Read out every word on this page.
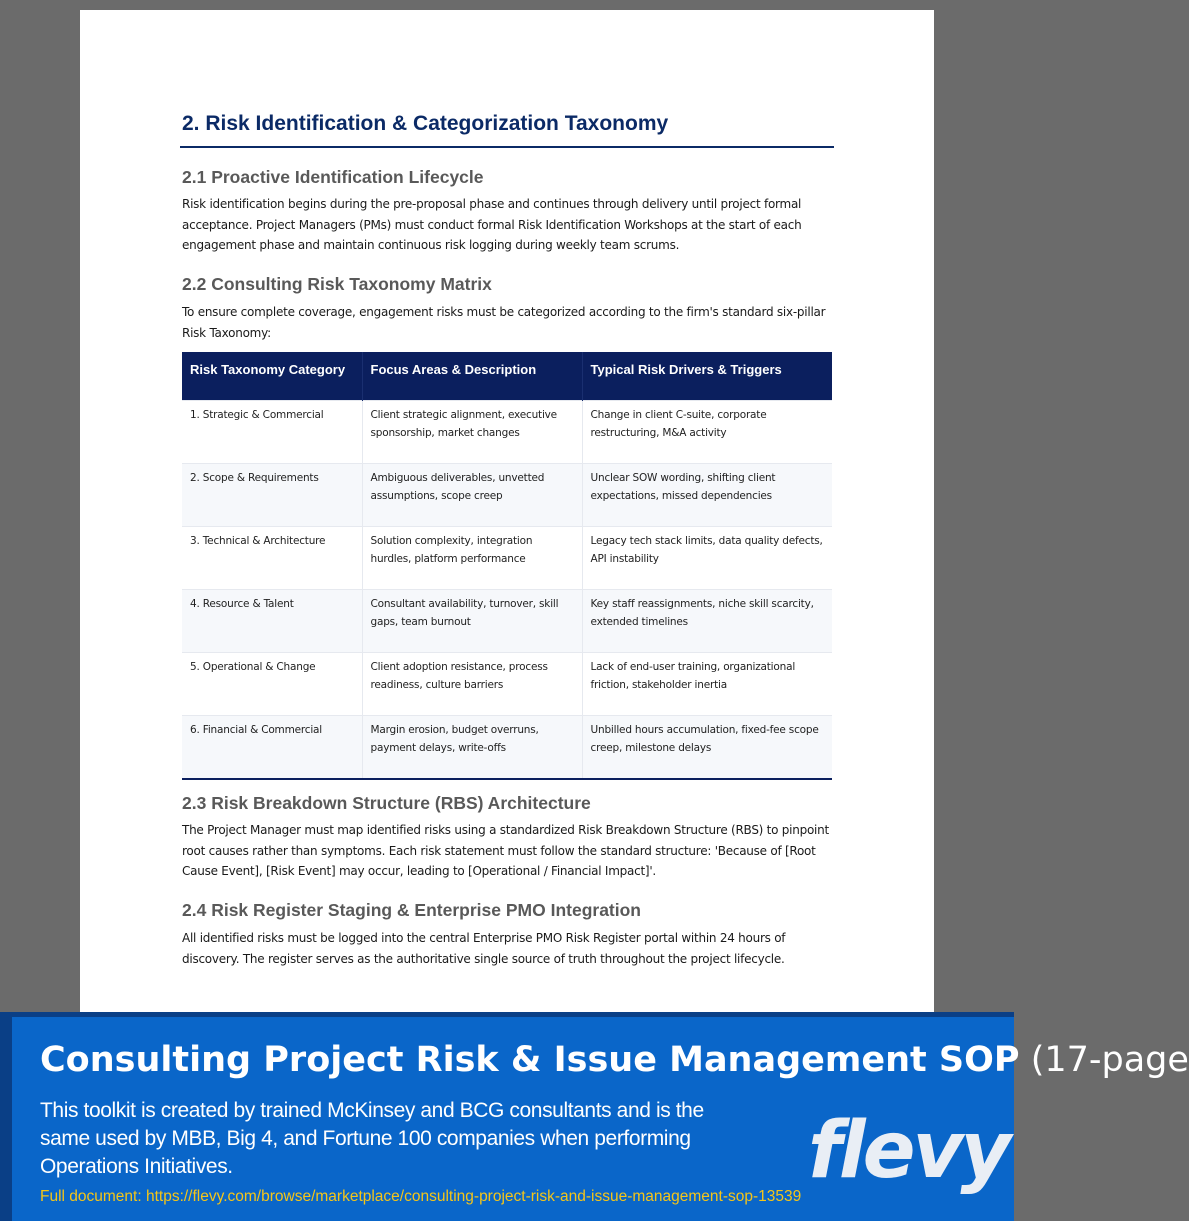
2. Risk Identification & Categorization Taxonomy
2.1 Proactive Identification Lifecycle

Risk identification begins during the pre-proposal phase and continues through delivery until project formal acceptance. Project Managers (PMs) must conduct formal Risk Identification Workshops at the start of each engagement phase and maintain continuous risk logging during weekly team scrums.

2.2 Consulting Risk Taxonomy Matrix

To ensure complete coverage, engagement risks must be categorized according to the firm's standard six-pillar Risk Taxonomy:

Risk Taxonomy Category	Focus Areas & Description	Typical Risk Drivers & Triggers
1. Strategic & Commercial	Client strategic alignment, executive sponsorship, market changes	Change in client C-suite, corporate restructuring, M&A activity
2. Scope & Requirements	Ambiguous deliverables, unvetted assumptions, scope creep	Unclear SOW wording, shifting client expectations, missed dependencies
3. Technical & Architecture	Solution complexity, integration hurdles, platform performance	Legacy tech stack limits, data quality defects, API instability
4. Resource & Talent	Consultant availability, turnover, skill gaps, team burnout	Key staff reassignments, niche skill scarcity, extended timelines
5. Operational & Change	Client adoption resistance, process readiness, culture barriers	Lack of end-user training, organizational friction, stakeholder inertia
6. Financial & Commercial	Margin erosion, budget overruns, payment delays, write-offs	Unbilled hours accumulation, fixed-fee scope creep, milestone delays
2.3 Risk Breakdown Structure (RBS) Architecture

The Project Manager must map identified risks using a standardized Risk Breakdown Structure (RBS) to pinpoint root causes rather than symptoms. Each risk statement must follow the standard structure: 'Because of [Root Cause Event], [Risk Event] may occur, leading to [Operational / Financial Impact]'.

2.4 Risk Register Staging & Enterprise PMO Integration

All identified risks must be logged into the central Enterprise PMO Risk Register portal within 24 hours of discovery. The register serves as the authoritative single source of truth throughout the project lifecycle.

Consulting Project Risk & Issue Management SOP (17-page

This toolkit is created by trained McKinsey and BCG consultants and is the same used by MBB, Big 4, and Fortune 100 companies when performing Operations Initiatives.

Full document: https://flevy.com/browse/marketplace/consulting-project-risk-and-issue-management-sop-13539
flevy
